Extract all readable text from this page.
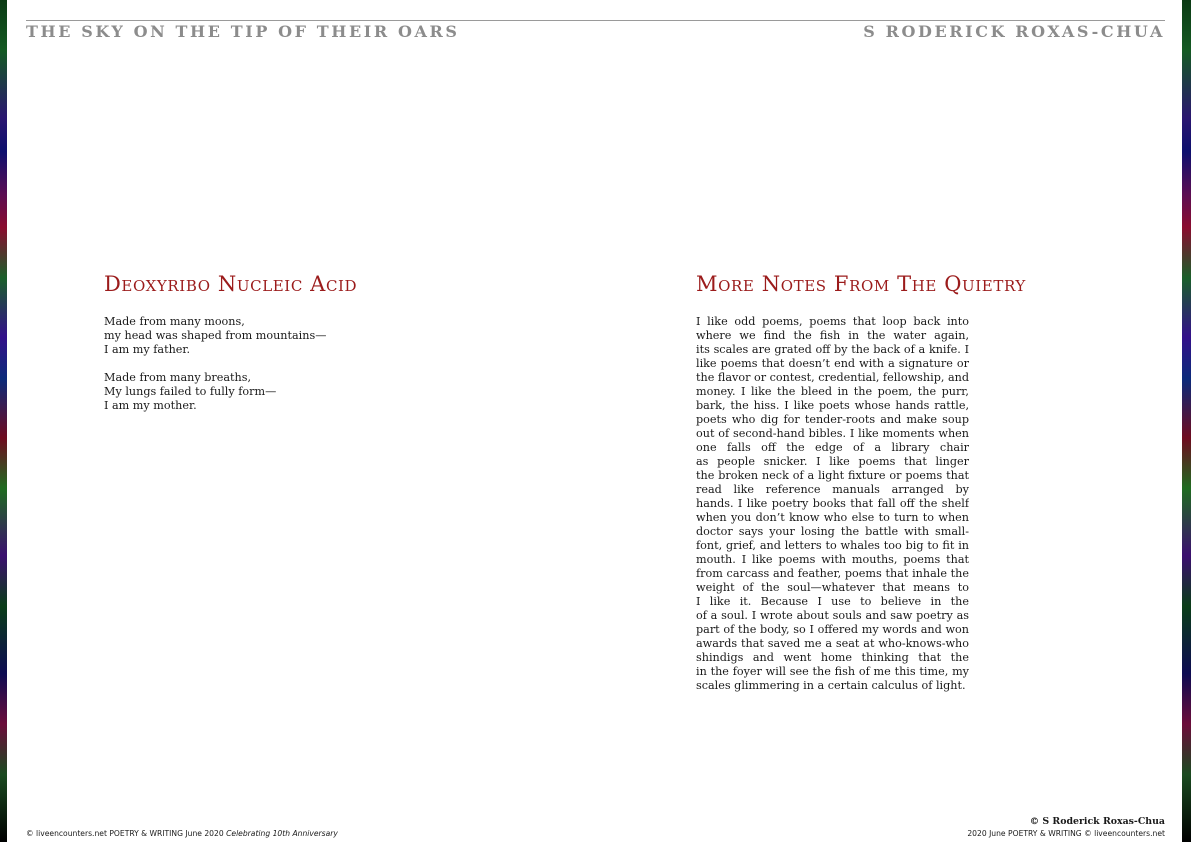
THE SKY ON THE TIP OF THEIR OARS	S RODERICK ROXAS-CHUA
Deoxyribo Nucleic Acid

Made from many moons,
my head was shaped from mountains—
I am my father.

Made from many breaths,
My lungs failed to fully form—
I am my mother.

More Notes From The Quietry
I like odd poems, poems that loop back into
where we find the fish in the water again,
its scales are grated off by the back of a knife. I
like poems that doesn’t end with a signature or
the flavor or contest, credential, fellowship, and
money. I like the bleed in the poem, the purr,
bark, the hiss. I like poets whose hands rattle,
poets who dig for tender-roots and make soup
out of second-hand bibles. I like moments when
one falls off the edge of a library chair
as people snicker. I like poems that linger
the broken neck of a light fixture or poems that
read like reference manuals arranged by
hands. I like poetry books that fall off the shelf
when you don’t know who else to turn to when
doctor says your losing the battle with small-
font, grief, and letters to whales too big to fit in
mouth. I like poems with mouths, poems that
from carcass and feather, poems that inhale the
weight of the soul—whatever that means to
I like it. Because I use to believe in the
of a soul. I wrote about souls and saw poetry as
part of the body, so I offered my words and won
awards that saved me a seat at who-knows-who
shindigs and went home thinking that the
in the foyer will see the fish of me this time, my
scales glimmering in a certain calculus of light.
© liveencounters.net POETRY & WRITING June 2020 Celebrating 10th Anniversary
© S Roderick Roxas-Chua
2020 June POETRY & WRITING © liveencounters.net
